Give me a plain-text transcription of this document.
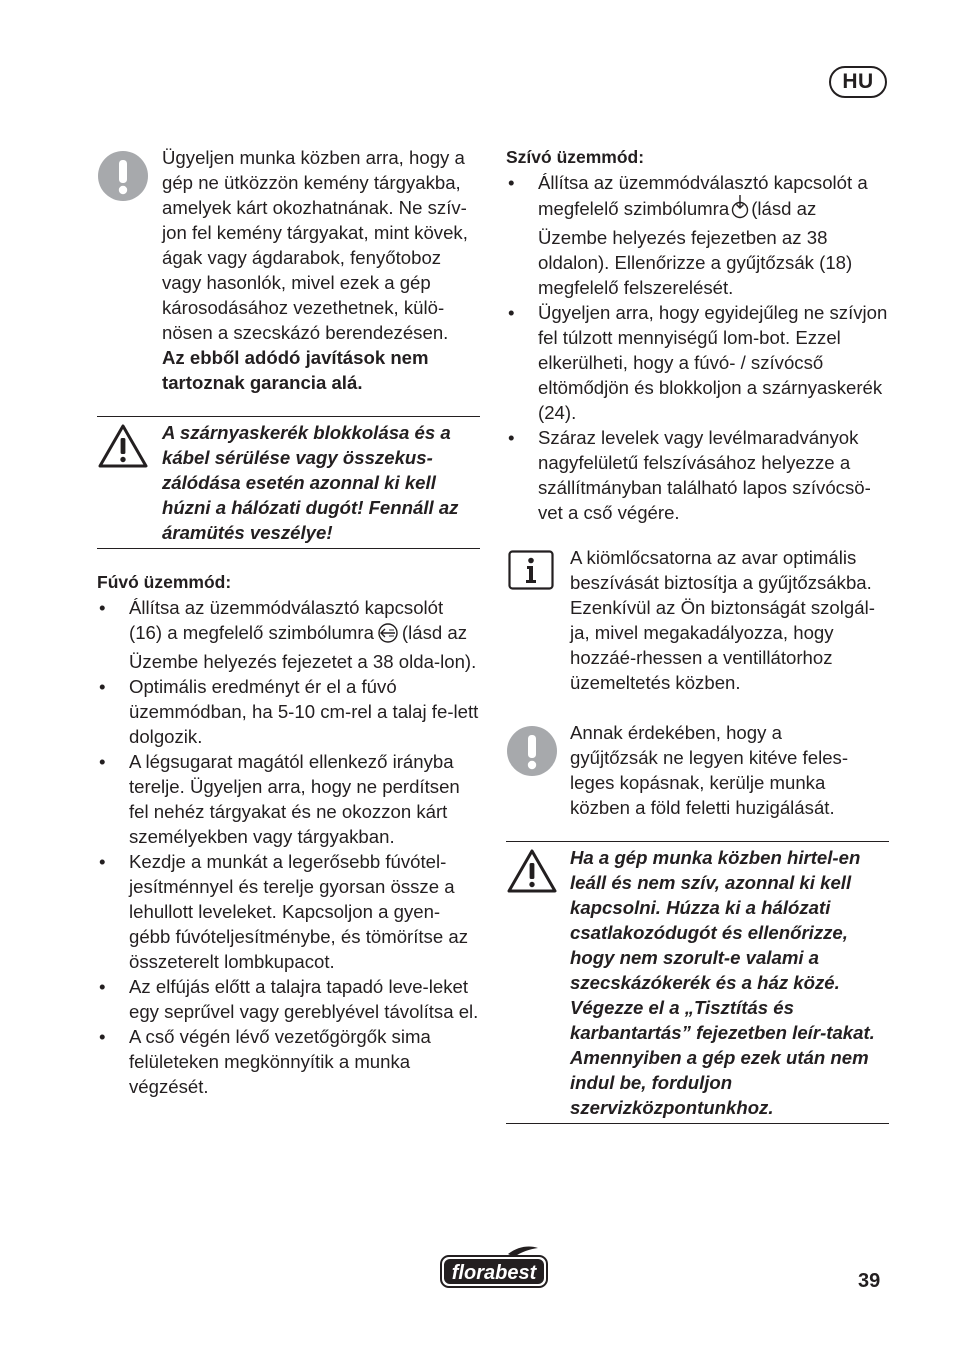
HU

Ügyeljen munka közben arra, hogy a gép ne ütközzön kemény tárgyakba, amelyek kárt okozhatnának. Ne szív-jon fel kemény tárgyakat, mint kövek, ágak vagy ágdarabok, fenyőtoboz vagy hasonlók, mivel ezek a gép károsodásához vezethetnek, külö-nösen a szecskázó berendezésen.

Az ebből adódó javítások nem tartoznak garancia alá.

A szárnyaskerék blokkolása és a kábel sérülése vagy összekus-zálódása esetén azonnal ki kell húzni a hálózati dugót! Fennáll az áramütés veszélye!
Fúvó üzemmód:
• Állítsa az üzemmódválasztó kapcsolót (16) a megfelelő szimbólumra (lásd az Üzembe helyezés fejezetet a 38 olda-lon).
• Optimális eredményt ér el a fúvó üzemmódban, ha 5-10 cm-rel a talaj fe-lett dolgozik.
• A légsugarat magától ellenkező irányba terelje. Ügyeljen arra, hogy ne perdítsen fel nehéz tárgyakat és ne okozzon kárt személyekben vagy tárgyakban.
• Kezdje a munkát a legerősebb fúvótel-jesítménnyel és terelje gyorsan össze a lehullott leveleket. Kapcsoljon a gyen-gébb fúvóteljesítménybe, és tömörítse az összeterelt lombkupacot.
• Az elfújás előtt a talajra tapadó leve-leket egy seprűvel vagy gereblyével távolítsa el.
• A cső végén lévő vezetőgörgők sima felületeken megkönnyítik a munka végzését.
Szívó üzemmód:
• Állítsa az üzemmódválasztó kapcsolót a megfelelő szimbólumra (lásd az Üzembe helyezés fejezetben az 38 oldalon). Ellenőrizze a gyűjtőzsák (18) megfelelő felszerelését.
• Ügyeljen arra, hogy egyidejűleg ne szívjon fel túlzott mennyiségű lom-bot. Ezzel elkerülheti, hogy a fúvó- / szívócső eltömődjön és blokkoljon a szárnyaskerék (24).
• Száraz levelek vagy levélmaradványok nagyfelületű felszívásához helyezze a szállítmányban található lapos szívócsö-vet a cső végére.
A kiömlőcsatorna az avar optimális beszívását biztosítja a gyűjtőzsákba. Ezenkívül az Ön biztonságát szolgál-ja, mivel megakadályozza, hogy hozzáé-rhessen a ventillátorhoz üzemeltetés közben.
Annak érdekében, hogy a gyűjtőzsák ne legyen kitéve feles-leges kopásnak, kerülje munka közben a föld feletti huzigálását.
Ha a gép munka közben hirtel-en leáll és nem szív, azonnal ki kell kapcsolni. Húzza ki a hálózati csatlakozódugót és ellenőrizze, hogy nem szorult-e valami a szecskázókerék és a ház közé. Végezze el a „Tisztítás és karbantartás” fejezetben leír-takat. Amennyiben a gép ezek után nem indul be, forduljon szervizközpontunkhoz.
florabest	39
